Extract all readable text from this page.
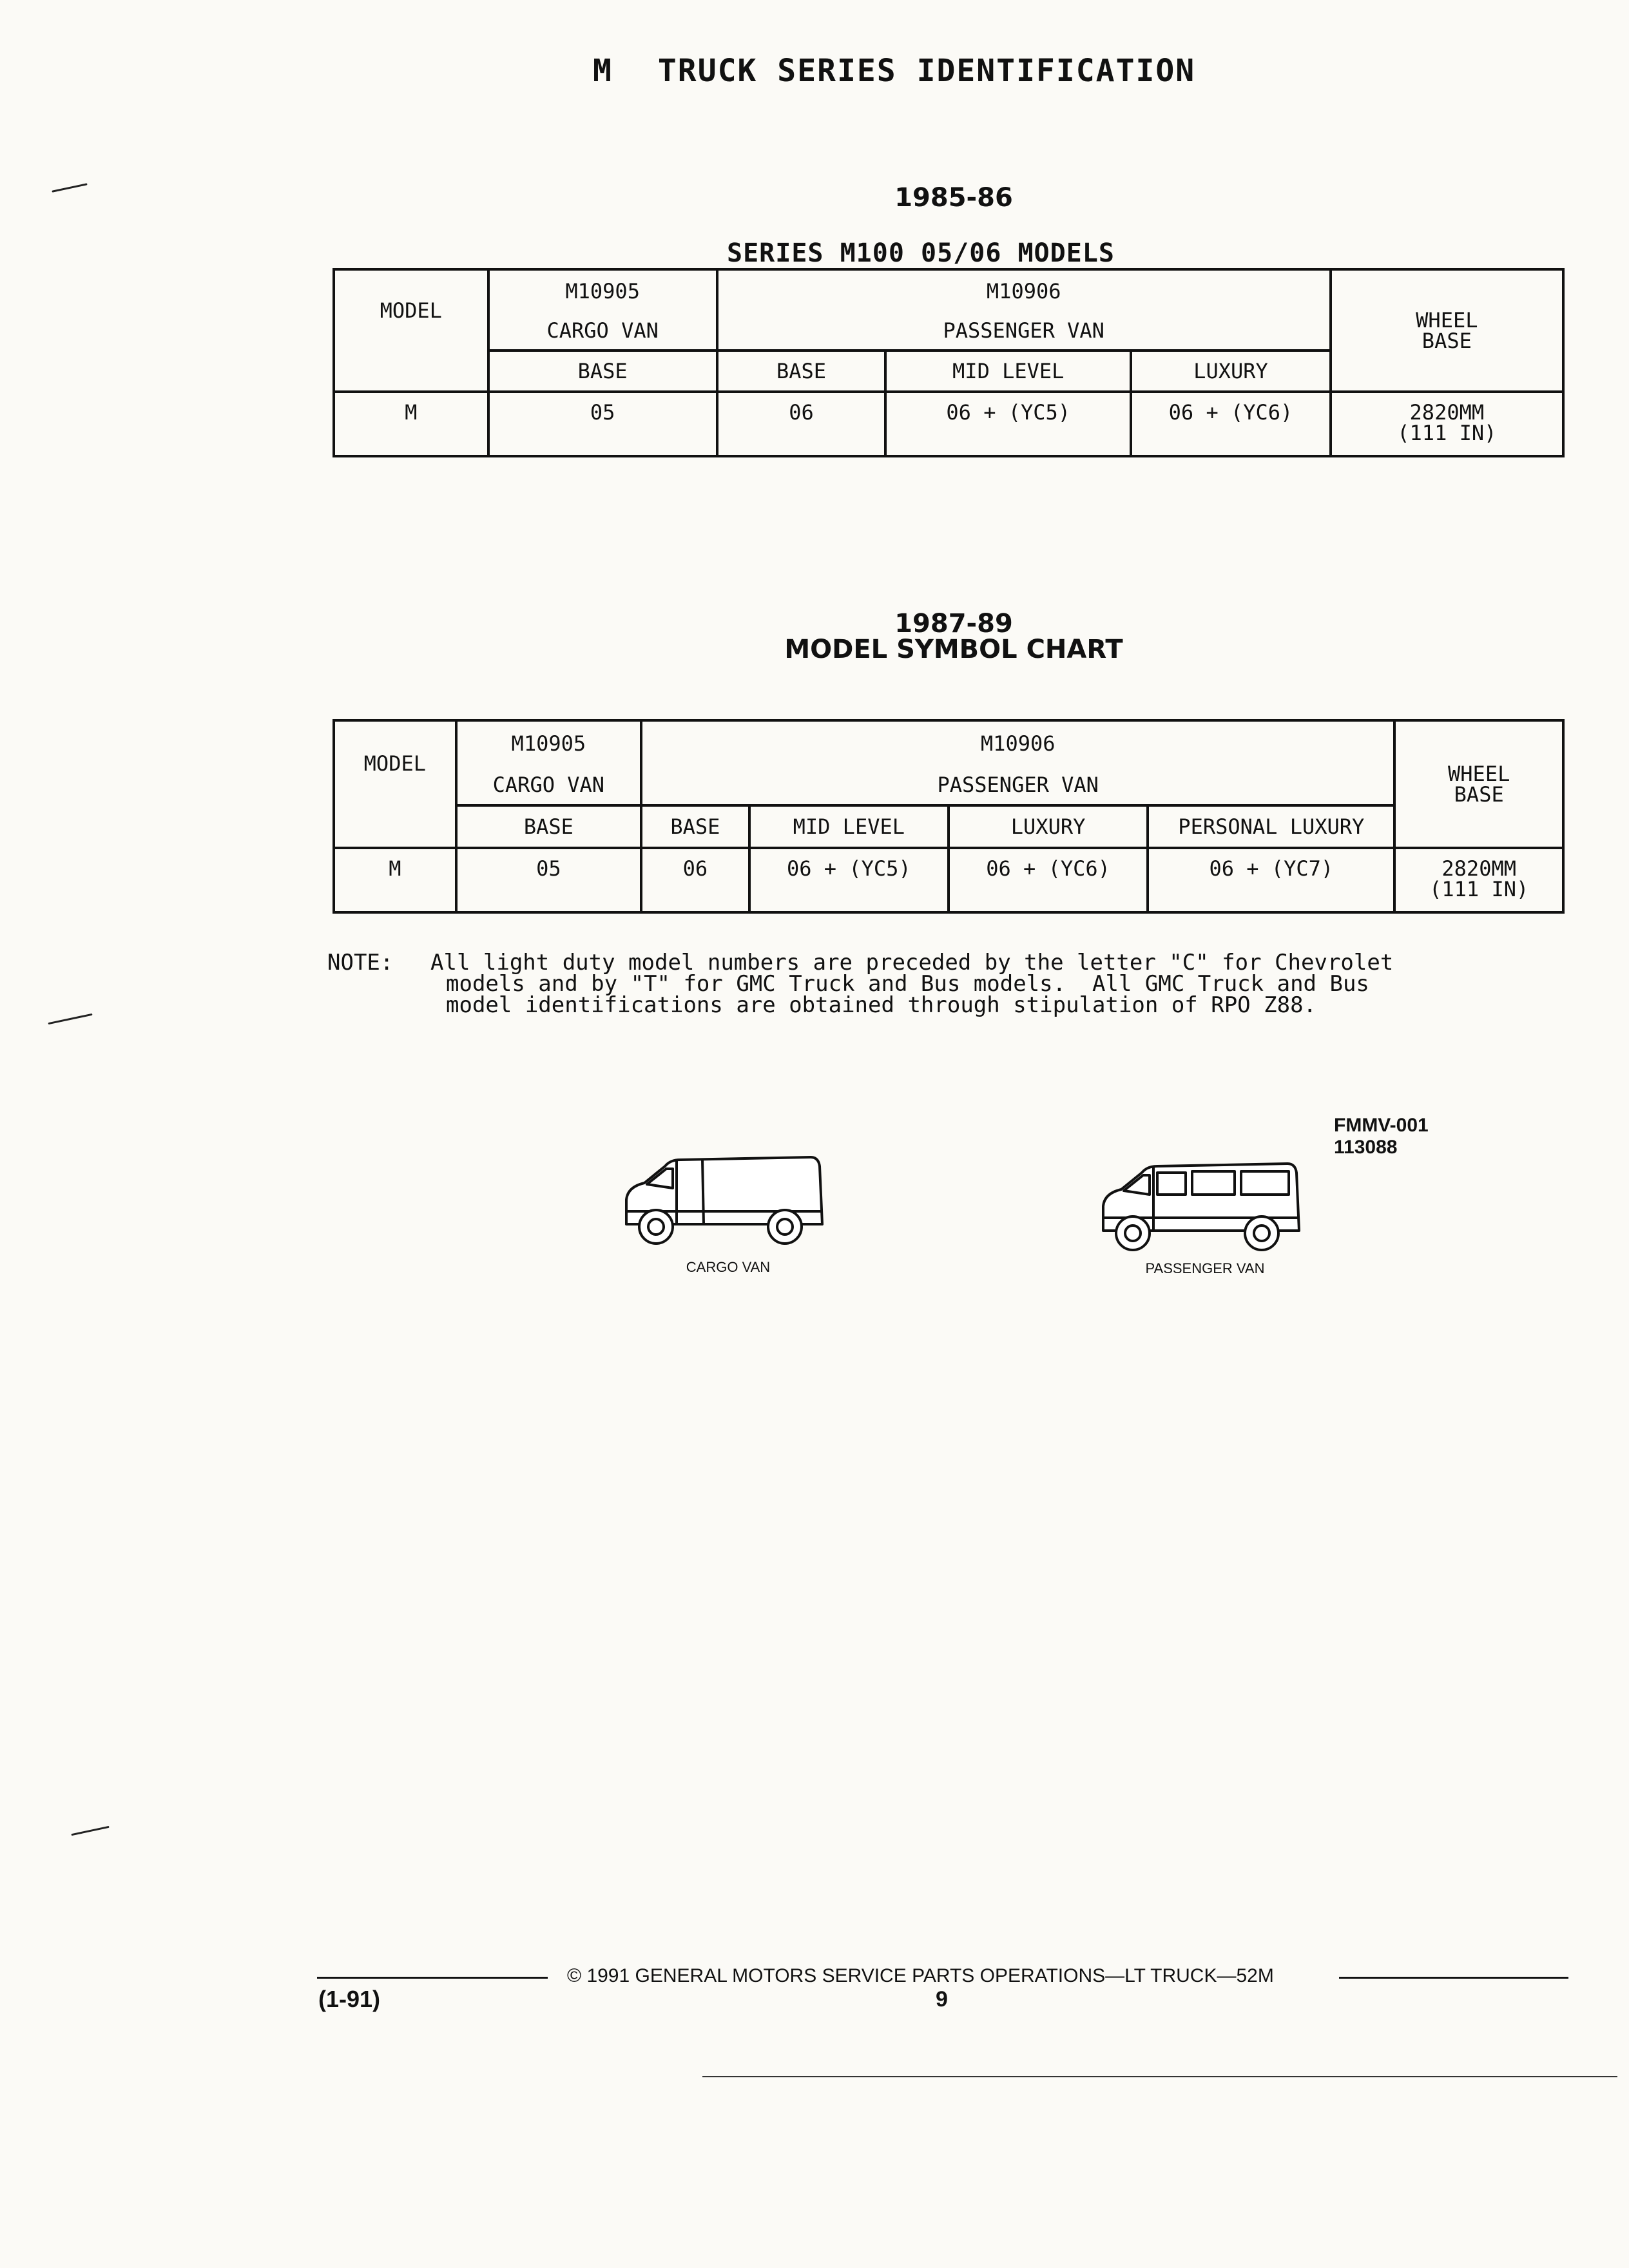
M TRUCK SERIES IDENTIFICATION
1985-86
SERIES M100 05/06 MODELS
MODEL	M10905	M10906			WHEEL BASE
	CARGO VAN	PASSENGER VAN			
	BASE	BASE	MID LEVEL	LUXURY	
M	05	06	06 + (YC5)	06 + (YC6)	2820MM
(111 IN)
1987-89
MODEL SYMBOL CHART
MODEL	M10905	M10906				WHEEL BASE
	CARGO VAN	PASSENGER VAN				
	BASE	BASE	MID LEVEL	LUXURY	PERSONAL LUXURY	
M	05	06	06 + (YC5)	06 + (YC6)	06 + (YC7)	2820MM
(111 IN)
NOTE: All light duty model numbers are preceded by the letter "C" for Chevrolet
models and by "T" for GMC Truck and Bus models.  All GMC Truck and Bus
model identifications are obtained through stipulation of RPO Z88.
FMMV-001
113088
CARGO VAN	PASSENGER VAN
© 1991 GENERAL MOTORS SERVICE PARTS OPERATIONS—LT TRUCK—52M
(1-91)	9
